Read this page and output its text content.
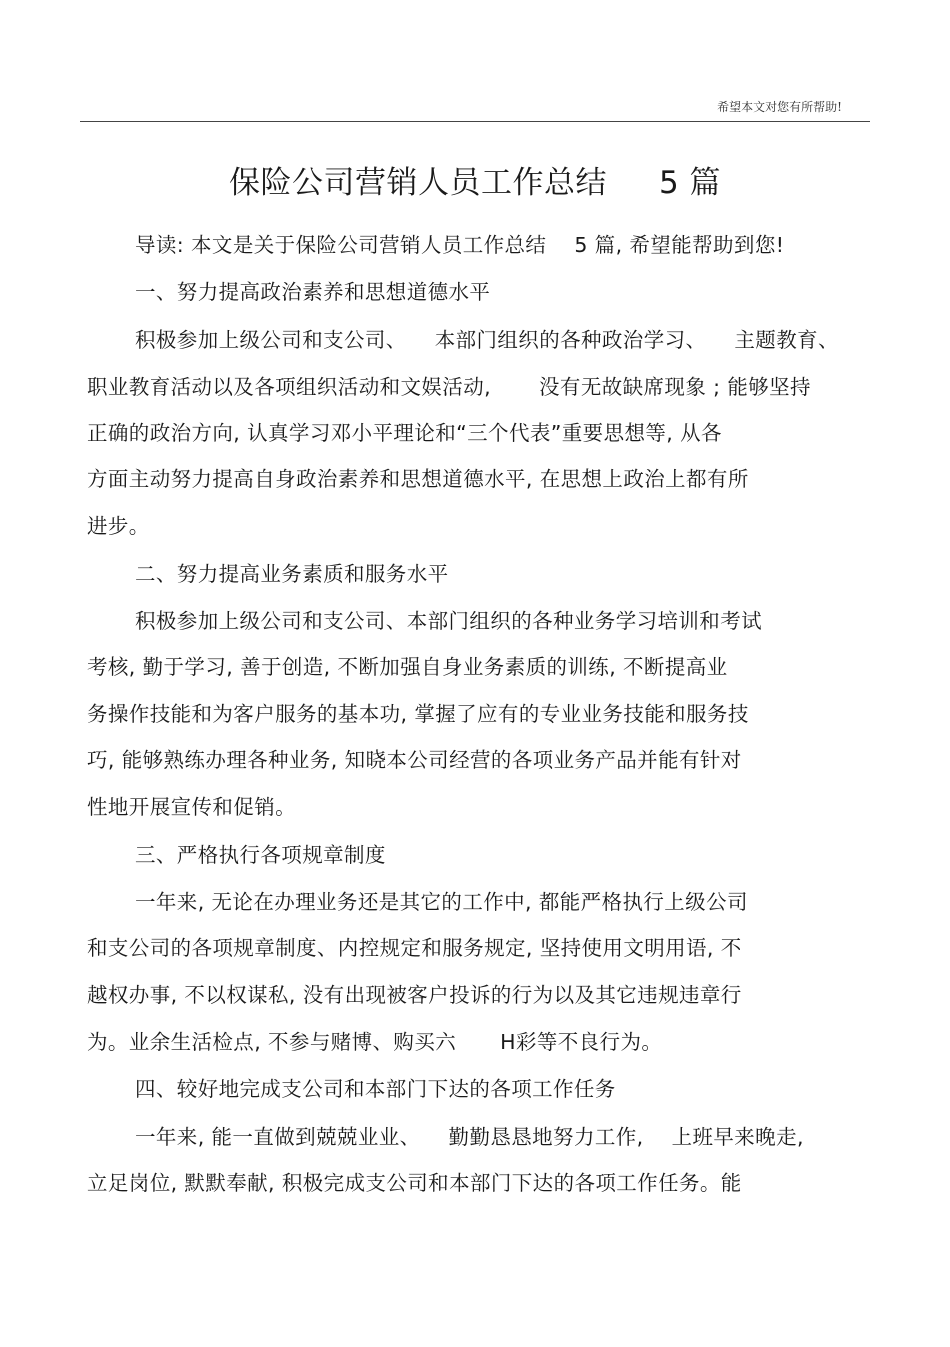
希望本文对您有所帮助!
保险公司营销人员工作总结 5 篇
导读: 本文是关于保险公司营销人员工作总结 5 篇, 希望能帮助到您!
一、努力提高政治素养和思想道德水平
积极参加上级公司和支公司、 本部门组织的各种政治学习、 主题教育、
职业教育活动以及各项组织活动和文娱活动, 没有无故缺席现象 ; 能够坚持
正确的政治方向, 认真学习邓小平理论和“三个代表”重要思想等, 从各
方面主动努力提高自身政治素养和思想道德水平, 在思想上政治上都有所
进步。
二、努力提高业务素质和服务水平
积极参加上级公司和支公司、本部门组织的各种业务学习培训和考试
考核, 勤于学习, 善于创造, 不断加强自身业务素质的训练, 不断提高业
务操作技能和为客户服务的基本功, 掌握了应有的专业业务技能和服务技
巧, 能够熟练办理各种业务, 知晓本公司经营的各项业务产品并能有针对
性地开展宣传和促销。
三、严格执行各项规章制度
一年来, 无论在办理业务还是其它的工作中, 都能严格执行上级公司
和支公司的各项规章制度、内控规定和服务规定, 坚持使用文明用语, 不
越权办事, 不以权谋私, 没有出现被客户投诉的行为以及其它违规违章行
为。业余生活检点, 不参与赌博、购买六 H彩等不良行为。
四、较好地完成支公司和本部门下达的各项工作任务
一年来, 能一直做到兢兢业业、 勤勤恳恳地努力工作, 上班早来晚走,
立足岗位, 默默奉献, 积极完成支公司和本部门下达的各项工作任务。能
